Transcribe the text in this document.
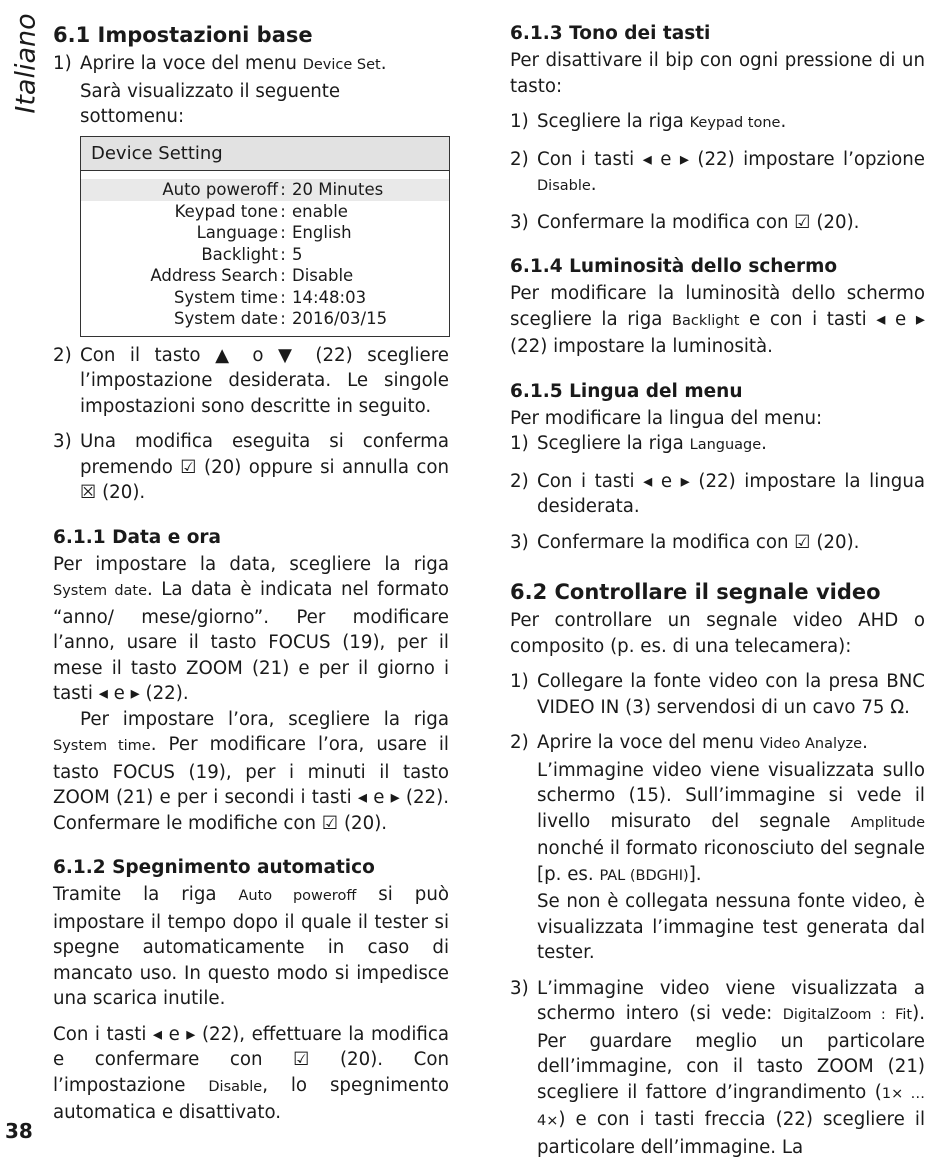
Italiano 6.1 Impostazioni base
1) Aprire la voce del menu Device Set.
Sarà visualizzato il seguente sottomenu:
Device Setting
Auto poweroff : 20 Minutes
Keypad tone : enable
Language : English
Backlight : 5
Address Search : Disable
System time : 14:48:03
System date : 2016/03/15
2) Con il tasto ▲ o ▼ (22) scegliere l’impostazione desiderata. Le singole impostazioni sono descritte in seguito.
3) Una modifica eseguita si conferma premendo ☑ (20) oppure si annulla con ☒ (20).
6.1.1 Data e ora

Per impostare la data, scegliere la riga System date. La data è indicata nel formato “anno/ mese/giorno”. Per modificare l’anno, usare il tasto FOCUS (19), per il mese il tasto ZOOM (21) e per il giorno i tasti ◂ e ▸ (22).

Per impostare l’ora, scegliere la riga System time. Per modificare l’ora, usare il tasto FOCUS (19), per i minuti il tasto ZOOM (21) e per i secondi i tasti ◂ e ▸ (22). Confermare le modifiche con ☑ (20).

6.1.2 Spegnimento automatico

Tramite la riga Auto poweroff si può impostare il tempo dopo il quale il tester si spegne automaticamente in caso di mancato uso. In questo modo si impedisce una scarica inutile.

Con i tasti ◂ e ▸ (22), effettuare la modifica e confermare con ☑ (20). Con l’impostazione Disable, lo spegnimento automatica e disattivato.

6.1.3 Tono dei tasti

Per disattivare il bip con ogni pressione di un tasto:

1) Scegliere la riga Keypad tone.
2) Con i tasti ◂ e ▸ (22) impostare l’opzione Disable.
3) Confermare la modifica con ☑ (20).
6.1.4 Luminosità dello schermo

Per modificare la luminosità dello schermo scegliere la riga Backlight e con i tasti ◂ e ▸ (22) impostare la luminosità.

6.1.5 Lingua del menu

Per modificare la lingua del menu:

1) Scegliere la riga Language.
2) Con i tasti ◂ e ▸ (22) impostare la lingua desiderata.
3) Confermare la modifica con ☑ (20).
6.2 Controllare il segnale video

Per controllare un segnale video AHD o composito (p. es. di una telecamera):

1) Collegare la fonte video con la presa BNC VIDEO IN (3) servendosi di un cavo 75 Ω.
2) Aprire la voce del menu Video Analyze.
L’immagine video viene visualizzata sullo schermo (15). Sull’immagine si vede il livello misurato del segnale Amplitude nonché il formato riconosciuto del segnale [p. es. PAL (BDGHI)].
Se non è collegata nessuna fonte video, è visualizzata l’immagine test generata dal tester.
3) L’immagine video viene visualizzata a schermo intero (si vede: DigitalZoom : Fit). Per guardare meglio un particolare dell’immagine, con il tasto ZOOM (21) scegliere il fattore d’ingrandimento (1× … 4×) e con i tasti freccia (22) scegliere il particolare dell’immagine. La
38
